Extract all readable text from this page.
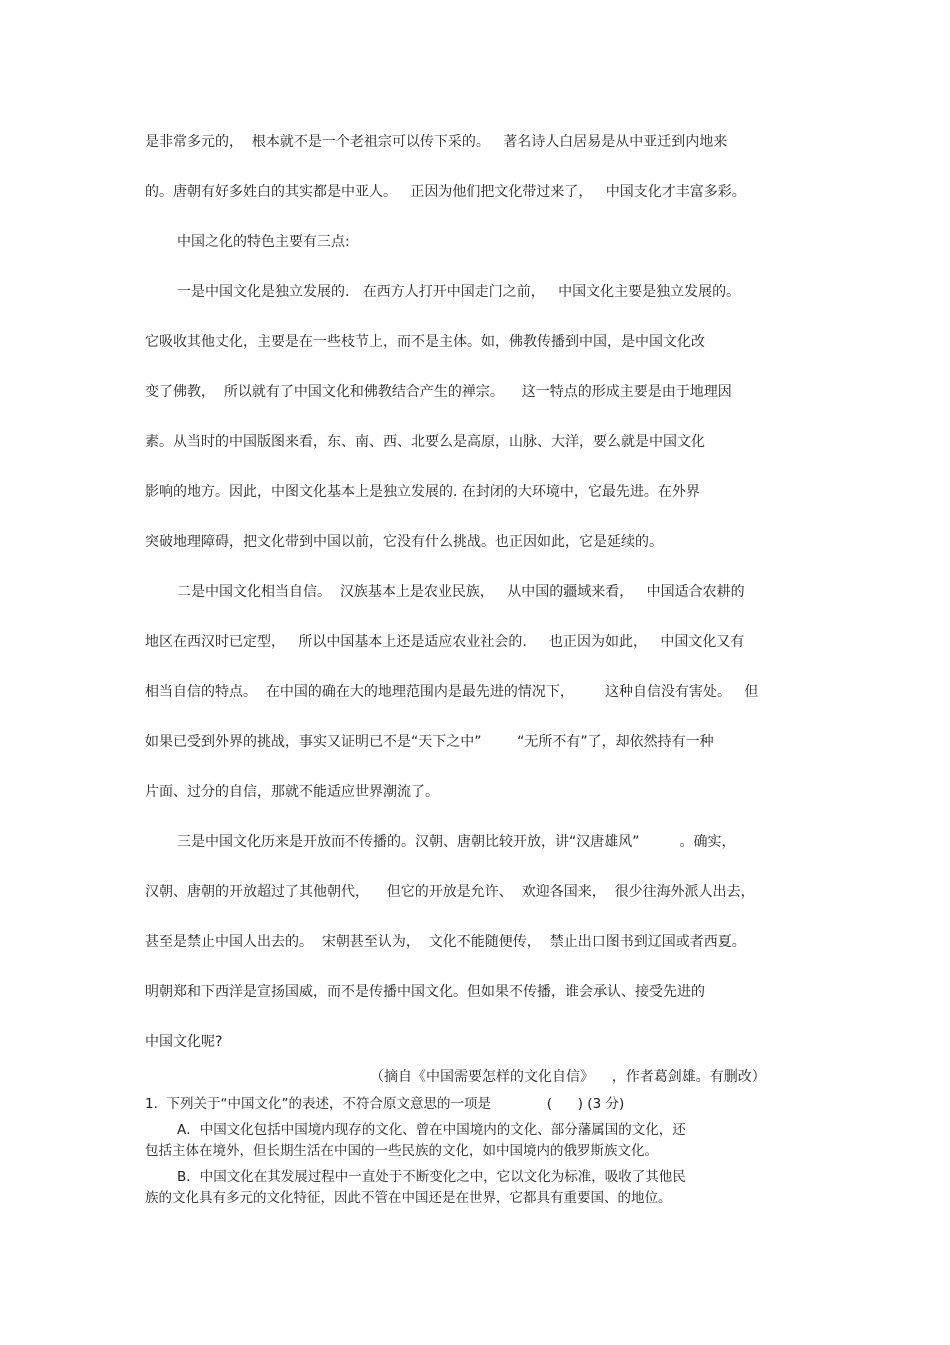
是非常多元的，  根本就不是一个老祖宗可以传下采的。   著名诗人白居易是从中亚迁到内地来
的。唐朝有好多姓白的其实都是中亚人。   正因为他们把文化带过来了，   中国支化才丰富多彩。
中国之化的特色主要有三点:
一是中国文化是独立发展的.   在西方人打开中国走门之前，   中国文化主要是独立发展的。
它吸收其他丈化，主要是在一些枝节上，而不是主体。如，佛教传播到中国，是中国文化改
变了佛教，  所以就有了中国文化和佛教结合产生的禅宗。    这一特点的形成主要是由于地理因
素。从当时的中国版图来看，东、南、西、北要么是高原，山脉、大洋，要么就是中国文化
影响的地方。因此，中图文化基本上是独立发展的. 在封闭的大环境中，它最先进。在外界
突破地理障碍，把文化带到中国以前，它没有什么挑战。也正因如此，它是延续的。
二是中国文化相当自信。  汉族基本上是农业民族，   从中国的疆域来看，   中国适合农耕的
地区在西汉时已定型，   所以中国基本上还是适应农业社会的.     也正因为如此，   中国文化又有
相当自信的特点。  在中国的确在大的地理范围内是最先进的情况下，       这种自信没有害处。   但
如果已受到外界的挑战，事实又证明已不是“天下之中”        “无所不有”了，却依然持有一种
片面、过分的自信，那就不能适应世界潮流了。
三是中国文化历来是开放而不传播的。汉朝、唐朝比较开放，讲“汉唐雄风”         。确实，
汉朝、唐朝的开放超过了其他朝代，    但它的开放是允许、  欢迎各国来，  很少往海外派人出去，
甚至是禁止中国人出去的。  宋朝甚至认为，  文化不能随便传，  禁止出口图书到辽国或者西夏。
明朝郑和下西洋是宣扬国威，而不是传播中国文化。但如果不传播，谁会承认、接受先进的
中国文化呢?
（摘自《中国需要怎样的文化自信》    ，作者葛剑雄。有删改）
1.  下列关于“中国文化”的表述，不符合原文意思的一项是             (      ) (3 分)
A．中国文化包括中国境内现存的文化、曾在中国境内的文化、部分藩属国的文化，还
包括主体在境外，但长期生活在中国的一些民族的文化，如中国境内的俄罗斯族文化。
B．中国文化在其发展过程中一直处于不断变化之中，它以文化为标准，吸收了其他民
族的文化具有多元的文化特征，因此不管在中国还是在世界，它都具有重要国、的地位。
